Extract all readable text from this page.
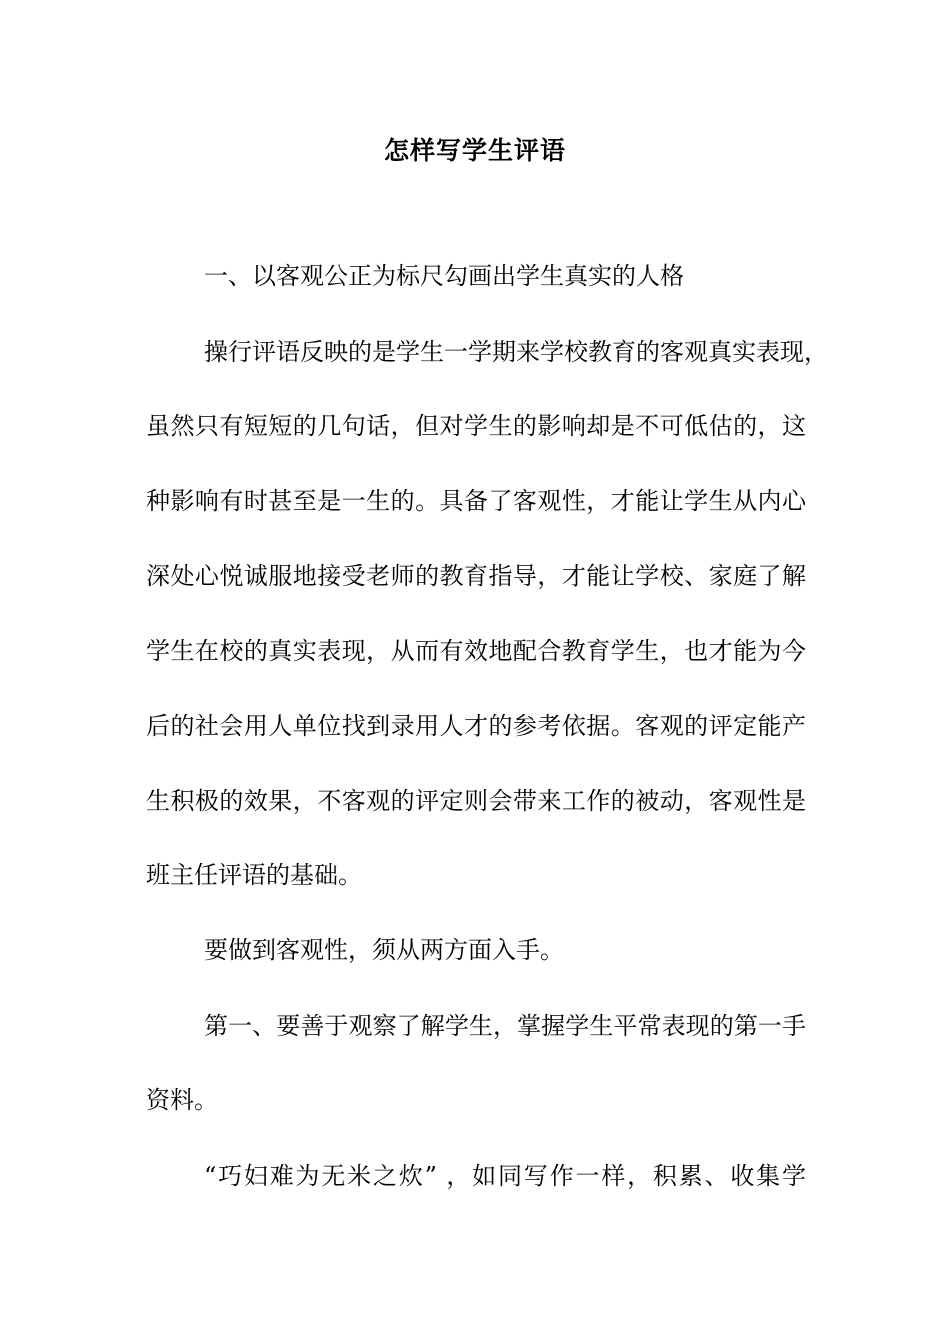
怎样写学生评语

一、以客观公正为标尺勾画出学生真实的人格

操行评语反映的是学生一学期来学校教育的客观真实表现，

虽然只有短短的几句话，但对学生的影响却是不可低估的，这

种影响有时甚至是一生的。具备了客观性，才能让学生从内心

深处心悦诚服地接受老师的教育指导，才能让学校、家庭了解

学生在校的真实表现，从而有效地配合教育学生，也才能为今

后的社会用人单位找到录用人才的参考依据。客观的评定能产

生积极的效果，不客观的评定则会带来工作的被动，客观性是

班主任评语的基础。

要做到客观性，须从两方面入手。

第一、要善于观察了解学生，掌握学生平常表现的第一手

资料。

“巧妇难为无米之炊” ，如同写作一样，积累、收集学
